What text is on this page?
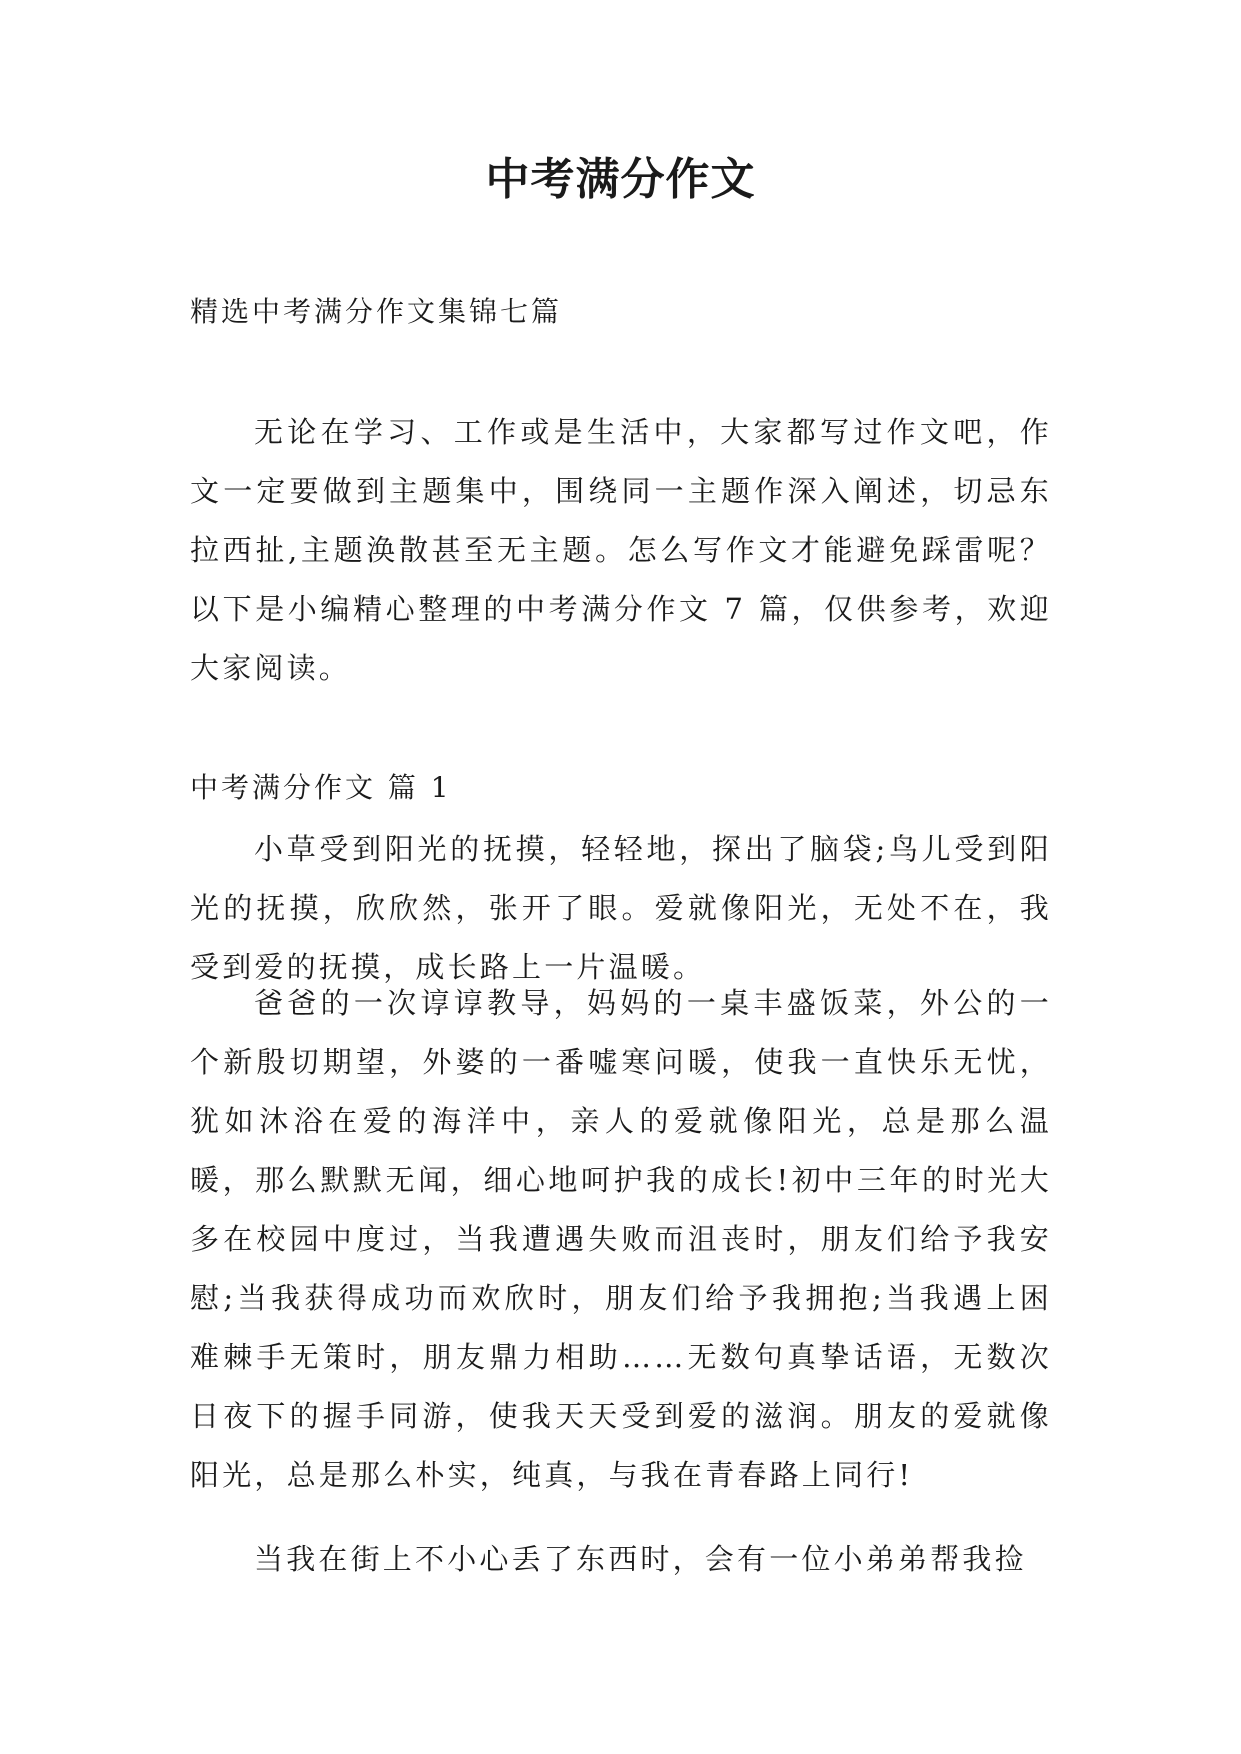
中考满分作文
精选中考满分作文集锦七篇

无论在学习、工作或是生活中，大家都写过作文吧，作文一定要做到主题集中，围绕同一主题作深入阐述，切忌东拉西扯,主题涣散甚至无主题。怎么写作文才能避免踩雷呢？以下是小编精心整理的中考满分作文 7 篇，仅供参考，欢迎大家阅读。

中考满分作文 篇 1

小草受到阳光的抚摸，轻轻地，探出了脑袋;鸟儿受到阳光的抚摸，欣欣然，张开了眼。爱就像阳光，无处不在，我受到爱的抚摸，成长路上一片温暖。

爸爸的一次谆谆教导，妈妈的一桌丰盛饭菜，外公的一个新殷切期望，外婆的一番嘘寒问暖，使我一直快乐无忧，犹如沐浴在爱的海洋中，亲人的爱就像阳光，总是那么温暖，那么默默无闻，细心地呵护我的成长!初中三年的时光大多在校园中度过，当我遭遇失败而沮丧时，朋友们给予我安慰;当我获得成功而欢欣时，朋友们给予我拥抱;当我遇上困难棘手无策时，朋友鼎力相助……无数句真挚话语，无数次日夜下的握手同游，使我天天受到爱的滋润。朋友的爱就像阳光，总是那么朴实，纯真，与我在青春路上同行!

当我在街上不小心丢了东西时，会有一位小弟弟帮我捡
